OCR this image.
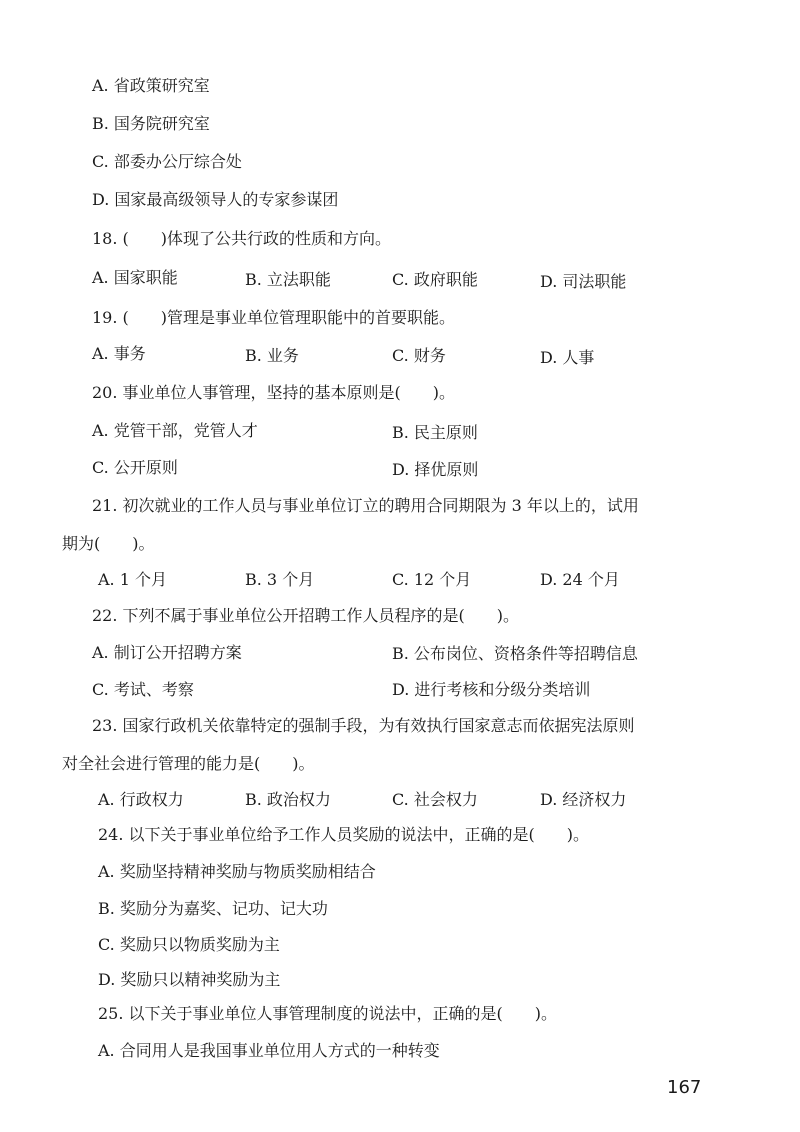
A. 省政策研究室
B. 国务院研究室
C. 部委办公厅综合处
D. 国家最高级领导人的专家参谋团
18. (　　)体现了公共行政的性质和方向。
A. 国家职能	B. 立法职能	C. 政府职能	D. 司法职能
19. (　　)管理是事业单位管理职能中的首要职能。
A. 事务	B. 业务	C. 财务	D. 人事
20. 事业单位人事管理，坚持的基本原则是(　　)。
A. 党管干部，党管人才	B. 民主原则
C. 公开原则	D. 择优原则
21. 初次就业的工作人员与事业单位订立的聘用合同期限为 3 年以上的，试用
期为(　　)。
A. 1 个月	B. 3 个月	C. 12 个月	D. 24 个月
22. 下列不属于事业单位公开招聘工作人员程序的是(　　)。
A. 制订公开招聘方案	B. 公布岗位、资格条件等招聘信息
C. 考试、考察	D. 进行考核和分级分类培训
23. 国家行政机关依靠特定的强制手段，为有效执行国家意志而依据宪法原则
对全社会进行管理的能力是(　　)。
A. 行政权力	B. 政治权力	C. 社会权力	D. 经济权力
24. 以下关于事业单位给予工作人员奖励的说法中，正确的是(　　)。
A. 奖励坚持精神奖励与物质奖励相结合
B. 奖励分为嘉奖、记功、记大功
C. 奖励只以物质奖励为主
D. 奖励只以精神奖励为主
25. 以下关于事业单位人事管理制度的说法中，正确的是(　　)。
A. 合同用人是我国事业单位用人方式的一种转变
167
